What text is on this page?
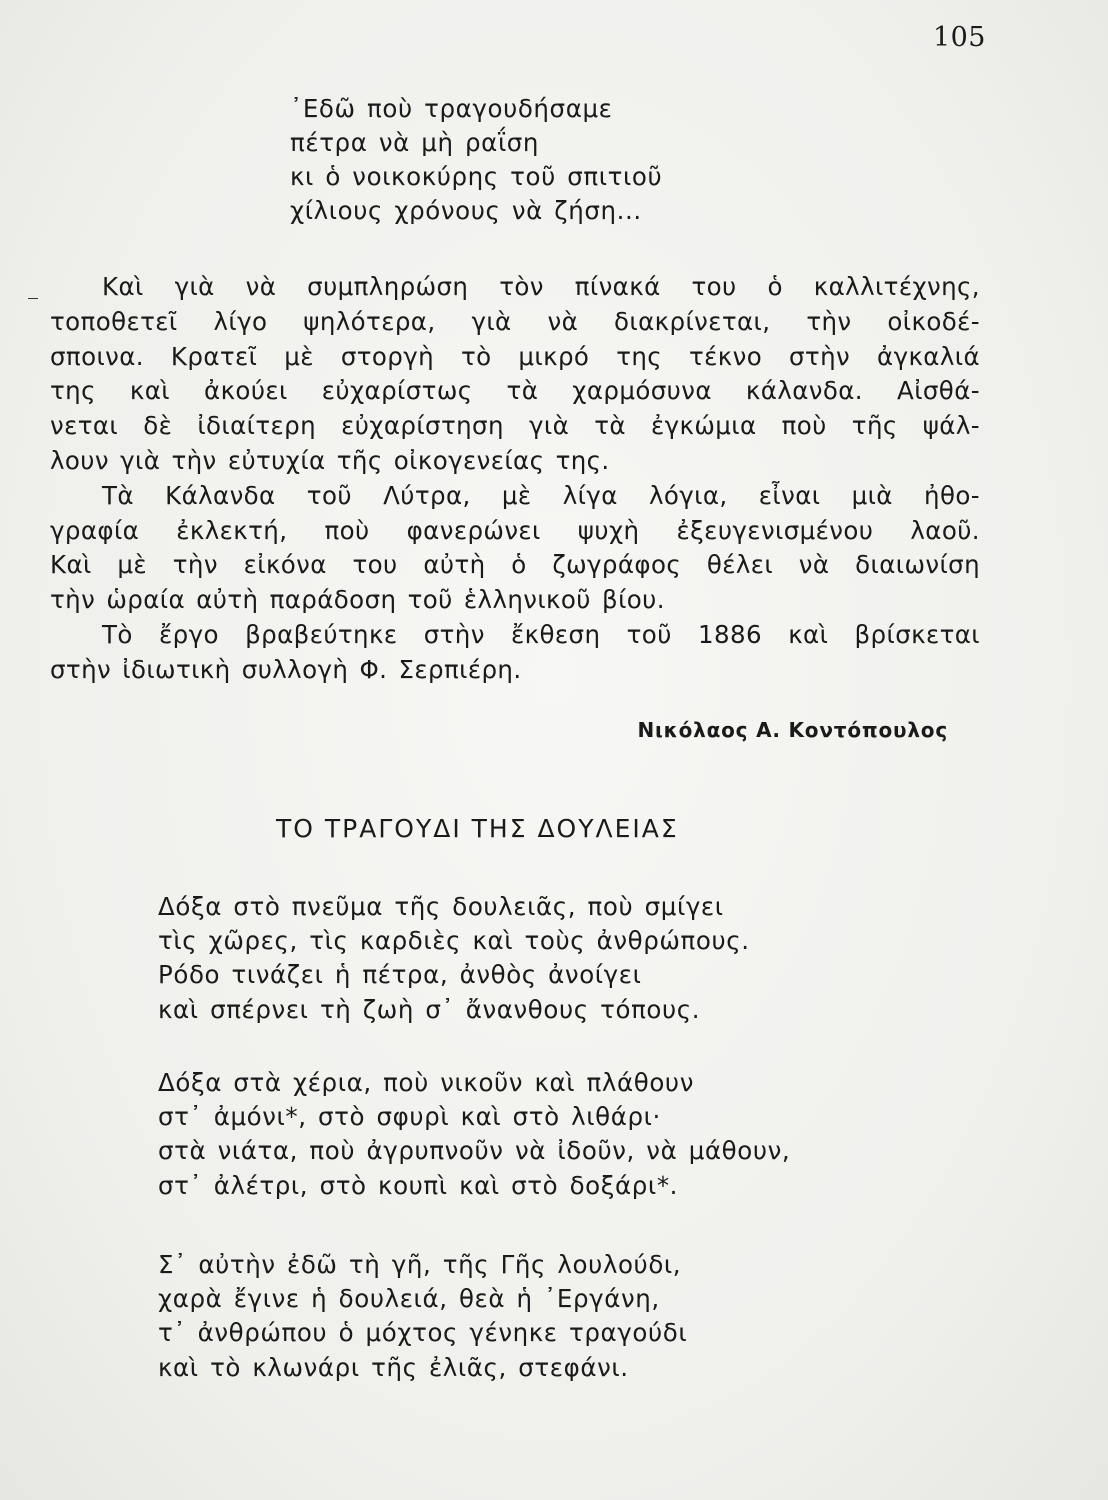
105
᾿Εδῶ ποὺ τραγουδήσαμε
πέτρα νὰ μὴ ραΐση
κι ὁ νοικοκύρης τοῦ σπιτιοῦ
χίλιους χρόνους νὰ ζήση...
Καὶ γιὰ νὰ συμπληρώση τὸν πίνακά του ὁ καλλιτέχνης,
τοποθετεῖ λίγο ψηλότερα, γιὰ νὰ διακρίνεται, τὴν οἰκοδέ-
σποινα. Κρατεῖ μὲ στοργὴ τὸ μικρό της τέκνο στὴν ἀγκαλιά
της καὶ ἀκούει εὐχαρίστως τὰ χαρμόσυνα κάλανδα. Αἰσθά-
νεται δὲ ἰδιαίτερη εὐχαρίστηση γιὰ τὰ ἐγκώμια ποὺ τῆς ψάλ-
λουν γιὰ τὴν εὐτυχία τῆς οἰκογενείας της.
Τὰ Κάλανδα τοῦ Λύτρα, μὲ λίγα λόγια, εἶναι μιὰ ἠθο-
γραφία ἐκλεκτή, ποὺ φανερώνει ψυχὴ ἐξευγενισμένου λαοῦ.
Καὶ μὲ τὴν εἰκόνα του αὐτὴ ὁ ζωγράφος θέλει νὰ διαιωνίση
τὴν ὡραία αὐτὴ παράδοση τοῦ ἑλληνικοῦ βίου.
Τὸ ἔργο βραβεύτηκε στὴν ἔκθεση τοῦ 1886 καὶ βρίσκεται
στὴν ἰδιωτικὴ συλλογὴ Φ. Σερπιέρη.
Νικόλαος Α. Κοντόπουλος
ΤΟ ΤΡΑΓΟΥΔΙ ΤΗΣ ΔΟΥΛΕΙΑΣ
Δόξα στὸ πνεῦμα τῆς δουλειᾶς, ποὺ σμίγει
τὶς χῶρες, τὶς καρδιὲς καὶ τοὺς ἀνθρώπους.
Ρόδο τινάζει ἡ πέτρα, ἀνθὸς ἀνοίγει
καὶ σπέρνει τὴ ζωὴ σ᾿ ἄνανθους τόπους.
Δόξα στὰ χέρια, ποὺ νικοῦν καὶ πλάθουν
στ᾿ ἀμόνι*, στὸ σφυρὶ καὶ στὸ λιθάρι·
στὰ νιάτα, ποὺ ἀγρυπνοῦν νὰ ἰδοῦν, νὰ μάθουν,
στ᾿ ἀλέτρι, στὸ κουπὶ καὶ στὸ δοξάρι*.
Σ᾿ αὐτὴν ἐδῶ τὴ γῆ, τῆς Γῆς λουλούδι,
χαρὰ ἔγινε ἡ δουλειά, θεὰ ἡ ᾿Εργάνη,
τ᾿ ἀνθρώπου ὁ μόχτος γένηκε τραγούδι
καὶ τὸ κλωνάρι τῆς ἐλιᾶς, στεφάνι.
